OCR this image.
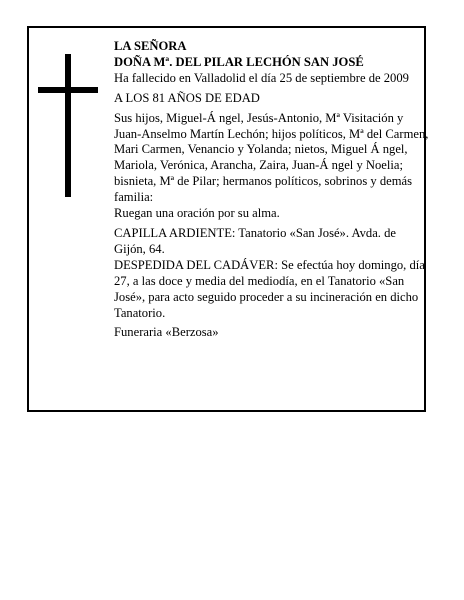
LA SEÑORA

DOÑA Mª. DEL PILAR LECHÓN SAN JOSÉ

Ha fallecido en Valladolid el día 25 de septiembre de 2009

A LOS 81 AÑOS DE EDAD

Sus hijos, Miguel-Á ngel, Jesús-Antonio, Mª Visitación y Juan-Anselmo Martín Lechón; hijos políticos, Mª del Carmen, Mari Carmen, Venancio y Yolanda; nietos, Miguel Á ngel, Mariola, Verónica, Arancha, Zaira, Juan-Á ngel y Noelia; bisnieta, Mª de Pilar; hermanos políticos, sobrinos y demás familia:

Ruegan una oración por su alma.

CAPILLA ARDIENTE: Tanatorio «San José». Avda. de Gijón, 64.

DESPEDIDA DEL CADÁVER: Se efectúa hoy domingo, día 27, a las doce y media del mediodía, en el Tanatorio «San José», para acto seguido proceder a su incineración en dicho Tanatorio.

Funeraria «Berzosa»
